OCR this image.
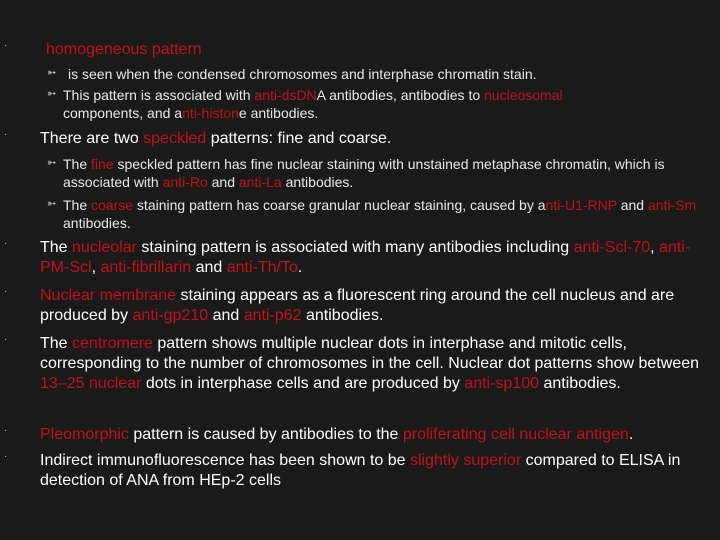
· homogeneous pattern
➳ is seen when the condensed chromosomes and interphase chromatin stain.
➳ This pattern is associated with anti-dsDNA antibodies, antibodies to nucleosomal
components, and anti-histone antibodies.
· There are two speckled patterns: fine and coarse.
➳ The fine speckled pattern has fine nuclear staining with unstained metaphase chromatin, which is associated with anti-Ro and anti-La antibodies.
➳ The coarse staining pattern has coarse granular nuclear staining, caused by anti-U1-RNP and anti-Sm antibodies.
· The nucleolar staining pattern is associated with many antibodies including anti-Scl-70, anti-PM-Scl, anti-fibrillarin and anti-Th/To.
· Nuclear membrane staining appears as a fluorescent ring around the cell nucleus and are produced by anti-gp210 and anti-p62 antibodies.
· The centromere pattern shows multiple nuclear dots in interphase and mitotic cells, corresponding to the number of chromosomes in the cell. Nuclear dot patterns show between 13–25 nuclear dots in interphase cells and are produced by anti-sp100 antibodies.
· Pleomorphic pattern is caused by antibodies to the proliferating cell nuclear antigen.
· Indirect immunofluorescence has been shown to be slightly superior compared to ELISA in detection of ANA from HEp-2 cells
